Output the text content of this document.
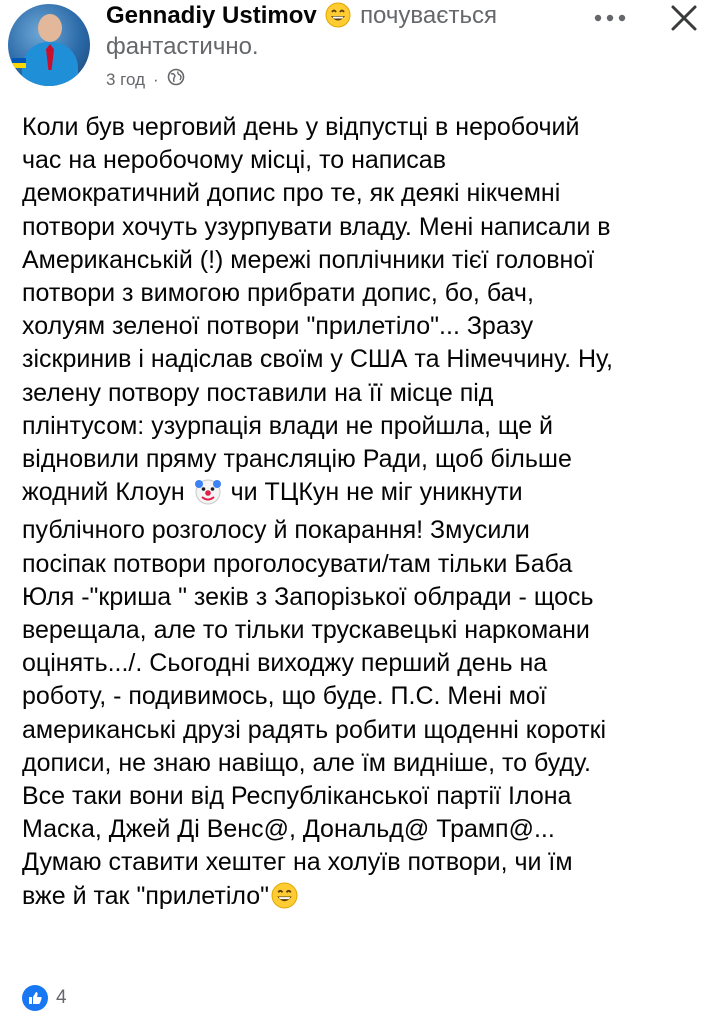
Gennadiy Ustimov почувається
фантастично.
3 год ·
Коли був черговий день у відпустці в неробочий
час на неробочому місці, то написав
демократичний допис про те, як деякі нікчемні
потвори хочуть узурпувати владу. Мені написали в
Американській (!) мережі поплічники тієї головної
потвори з вимогою прибрати допис, бо, бач,
холуям зеленої потвори "прилетіло"... Зразу
зіскринив і надіслав своїм у США та Німеччину. Ну,
зелену потвору поставили на її місце під
плінтусом: узурпація влади не пройшла, ще й
відновили пряму трансляцію Ради, щоб більше
жодний Клоун чи ТЦКун не міг уникнути
публічного розголосу й покарання! Змусили
посіпак потвори проголосувати/там тільки Баба
Юля -"криша " зеків з Запорізької облради - щось
верещала, але то тільки трускавецькі наркомани
оцінять.../. Сьогодні виходжу перший день на
роботу, - подивимось, що буде. П.С. Мені мої
американські друзі радять робити щоденні короткі
дописи, не знаю навіщо, але їм видніше, то буду.
Все таки вони від Республіканської партії Ілона
Маска, Джей Ді Венс@, Дональд@ Трамп@...
Думаю ставити хештег на холуїв потвори, чи їм
вже й так "прилетіло"
4
